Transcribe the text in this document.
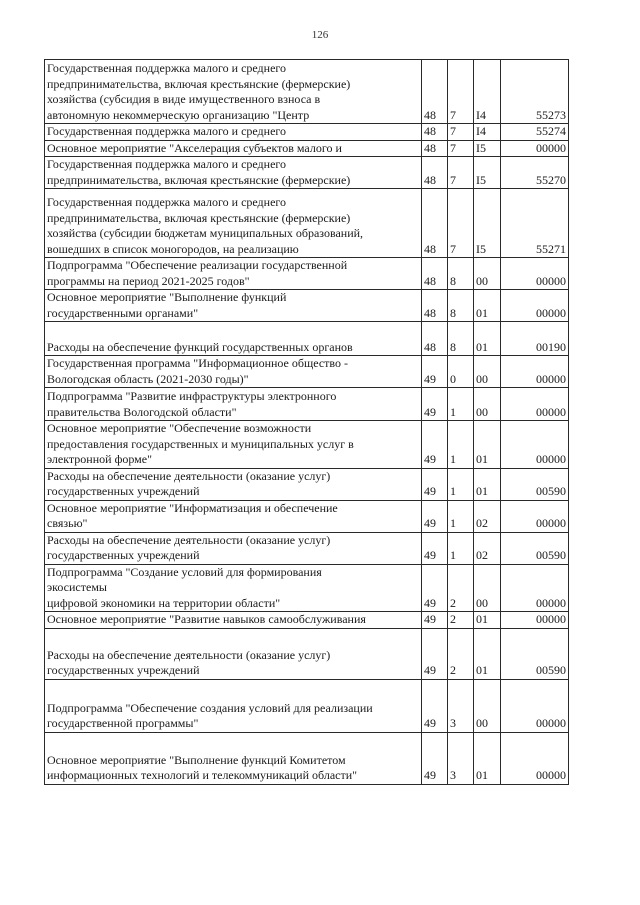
126
Государственная поддержка малого и среднего
предпринимательства, включая крестьянские (фермерские)
хозяйства (субсидия в виде имущественного взноса в
автономную некоммерческую организацию "Центр	48	7	I4	55273
Государственная поддержка малого и среднего	48	7	I4	55274
Основное мероприятие "Акселерация субъектов малого и	48	7	I5	00000
Государственная поддержка малого и среднего
предпринимательства, включая крестьянские (фермерские)	48	7	I5	55270
Государственная поддержка малого и среднего
предпринимательства, включая крестьянские (фермерские)
хозяйства (субсидии бюджетам муниципальных образований,
вошедших в список моногородов, на реализацию	48	7	I5	55271
Подпрограмма "Обеспечение реализации государственной
программы на период 2021-2025 годов"	48	8	00	00000
Основное мероприятие "Выполнение функций
государственными органами"	48	8	01	00000
Расходы на обеспечение функций государственных органов	48	8	01	00190
Государственная программа "Информационное общество -
Вологодская область (2021-2030 годы)"	49	0	00	00000
Подпрограмма "Развитие инфраструктуры электронного
правительства Вологодской области"	49	1	00	00000
Основное мероприятие "Обеспечение возможности
предоставления государственных и муниципальных услуг в
электронной форме"	49	1	01	00000
Расходы на обеспечение деятельности (оказание услуг)
государственных учреждений	49	1	01	00590
Основное мероприятие "Информатизация и обеспечение
связью"	49	1	02	00000
Расходы на обеспечение деятельности (оказание услуг)
государственных учреждений	49	1	02	00590
Подпрограмма "Создание условий для формирования
экосистемы
цифровой экономики на территории области"	49	2	00	00000
Основное мероприятие "Развитие навыков самообслуживания	49	2	01	00000
Расходы на обеспечение деятельности (оказание услуг)
государственных учреждений	49	2	01	00590
Подпрограмма "Обеспечение создания условий для реализации
государственной программы"	49	3	00	00000
Основное мероприятие "Выполнение функций Комитетом
информационных технологий и телекоммуникаций области"	49	3	01	00000
